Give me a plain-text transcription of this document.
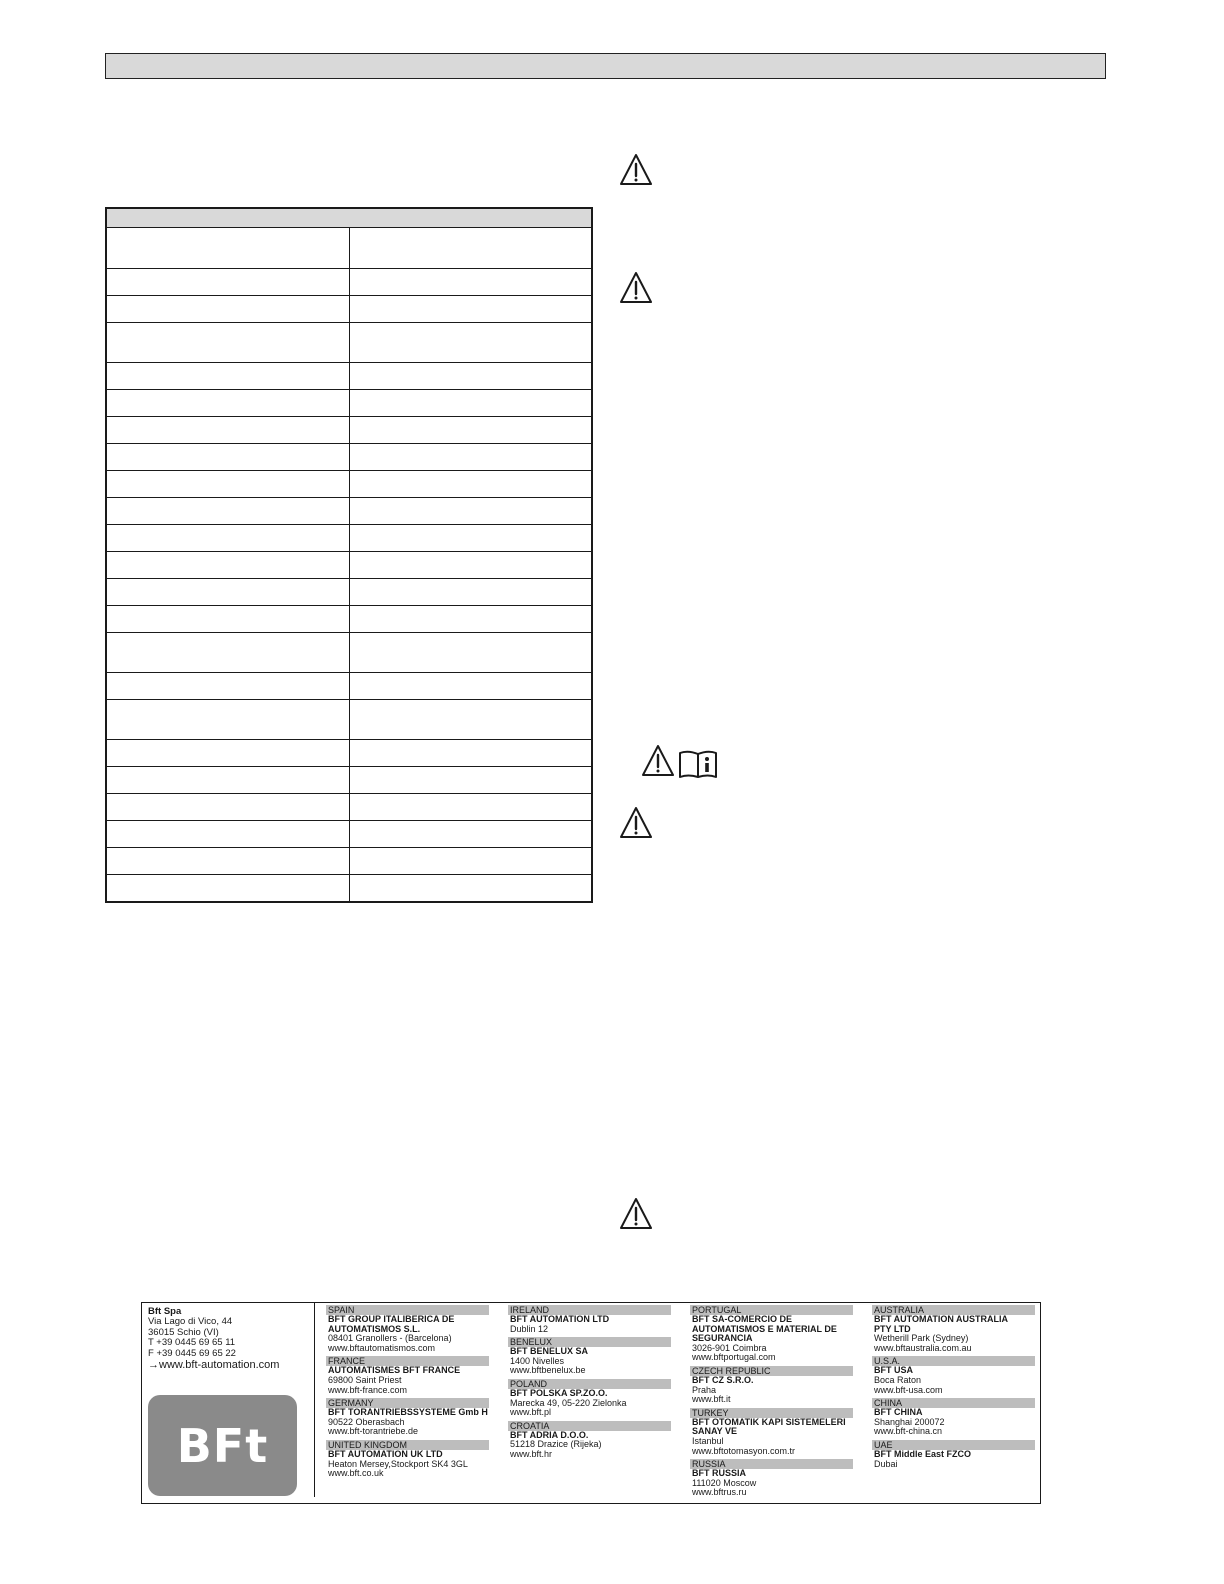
Bft Spa
Via Lago di Vico, 44
36015 Schio (VI)
T +39 0445 69 65 11
F +39 0445 69 65 22
→www.bft-automation.com
BFt
SPAIN
BFT GROUP ITALIBERICA DE
AUTOMATISMOS S.L.
08401 Granollers - (Barcelona)
www.bftautomatismos.com
FRANCE
AUTOMATISMES BFT FRANCE
69800 Saint Priest
www.bft-france.com
GERMANY
BFT TORANTRIEBSSYSTEME Gmb H
90522 Oberasbach
www.bft-torantriebe.de
UNITED KINGDOM
BFT AUTOMATION UK LTD
Heaton Mersey,Stockport SK4 3GL
www.bft.co.uk
IRELAND
BFT AUTOMATION LTD
Dublin 12
BENELUX
BFT BENELUX SA
1400 Nivelles
www.bftbenelux.be
POLAND
BFT POLSKA SP.ZO.O.
Marecka 49, 05-220 Zielonka
www.bft.pl
CROATIA
BFT ADRIA D.O.O.
51218 Drazice (Rijeka)
www.bft.hr
PORTUGAL
BFT SA-COMERCIO DE
AUTOMATISMOS E MATERIAL DE
SEGURANCIA
3026-901 Coimbra
www.bftportugal.com
CZECH REPUBLIC
BFT CZ S.R.O.
Praha
www.bft.it
TURKEY
BFT OTOMATIK KAPI SISTEMELERI
SANAY VE
Istanbul
www.bftotomasyon.com.tr
RUSSIA
BFT RUSSIA
111020 Moscow
www.bftrus.ru
AUSTRALIA
BFT AUTOMATION AUSTRALIA
PTY LTD
Wetherill Park (Sydney)
www.bftaustralia.com.au
U.S.A.
BFT USA
Boca Raton
www.bft-usa.com
CHINA
BFT CHINA
Shanghai 200072
www.bft-china.cn
UAE
BFT Middle East FZCO
Dubai
